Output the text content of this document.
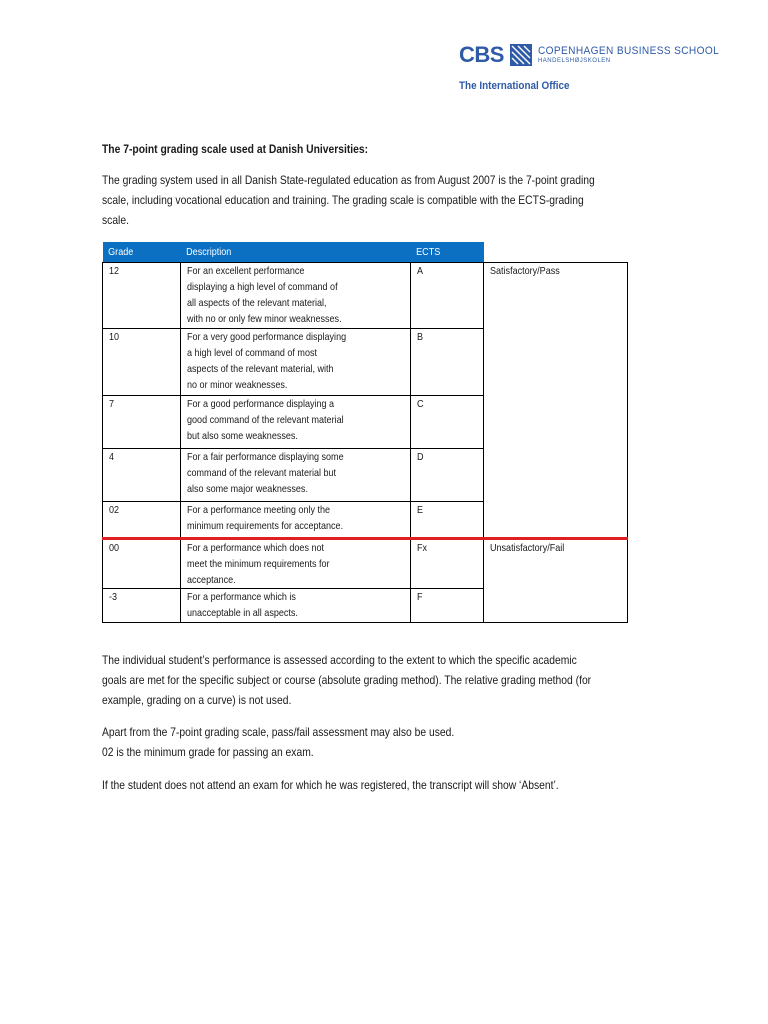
CBS	COPENHAGEN BUSINESS SCHOOL
HANDELSHØJSKOLEN
The International Office
The 7-point grading scale used at Danish Universities:
The grading system used in all Danish State-regulated education as from August 2007 is the 7-point grading
scale, including vocational education and training. The grading scale is compatible with the ECTS-grading
scale.
Grade	Description	ECTS	

12	For an excellent performance
displaying a high level of command of
all aspects of the relevant material,
with no or only few minor weaknesses.	A	Satisfactory/Pass

10	For a very good performance displaying
a high level of command of most
aspects of the relevant material, with
no or minor weaknesses.	B	

7	For a good performance displaying a
good command of the relevant material
but also some weaknesses.	C	

4	For a fair performance displaying some
command of the relevant material but
also some major weaknesses.	D	

02	For a performance meeting only the
minimum requirements for acceptance.	E	

00	For a performance which does not
meet the minimum requirements for
acceptance.	Fx	Unsatisfactory/Fail

-3	For a performance which is
unacceptable in all aspects.	F	
The individual student’s performance is assessed according to the extent to which the specific academic
goals are met for the specific subject or course (absolute grading method). The relative grading method (for
example, grading on a curve) is not used.
Apart from the 7-point grading scale, pass/fail assessment may also be used.
02 is the minimum grade for passing an exam.
If the student does not attend an exam for which he was registered, the transcript will show ‘Absent’.
